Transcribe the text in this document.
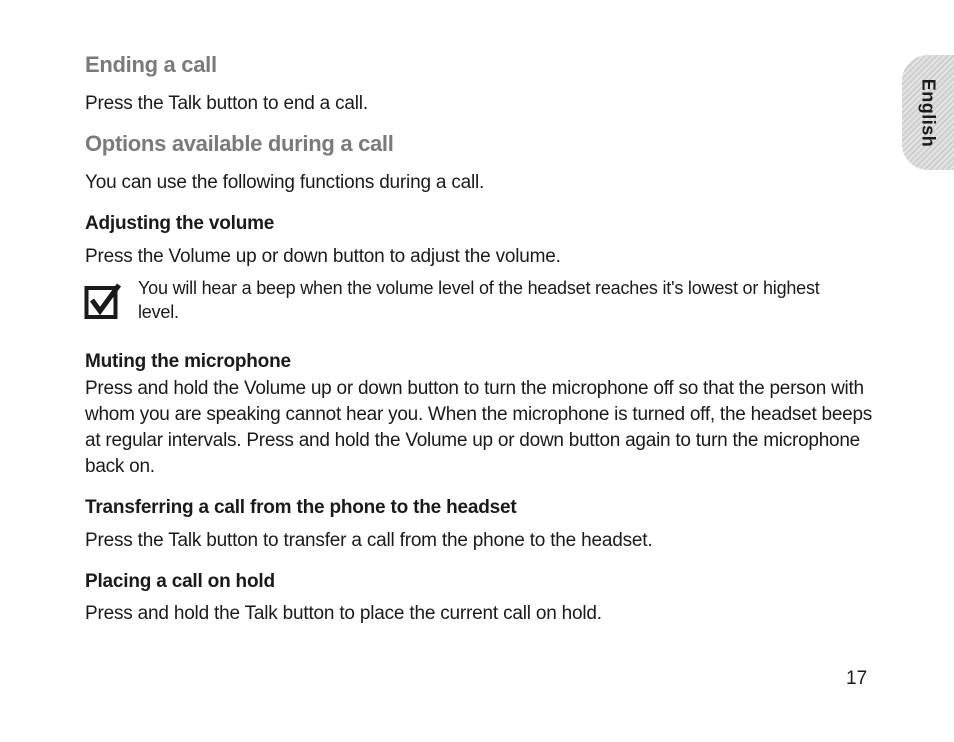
English
Ending a call

Press the Talk button to end a call.

Options available during a call

You can use the following functions during a call.

Adjusting the volume

Press the Volume up or down button to adjust the volume.

You will hear a beep when the volume level of the headset reaches it's lowest or highest level.

Muting the microphone

Press and hold the Volume up or down button to turn the microphone off so that the person with whom you are speaking cannot hear you. When the microphone is turned off, the headset beeps at regular intervals. Press and hold the Volume up or down button again to turn the microphone back on.

Transferring a call from the phone to the headset

Press the Talk button to transfer a call from the phone to the headset.

Placing a call on hold

Press and hold the Talk button to place the current call on hold.

17
